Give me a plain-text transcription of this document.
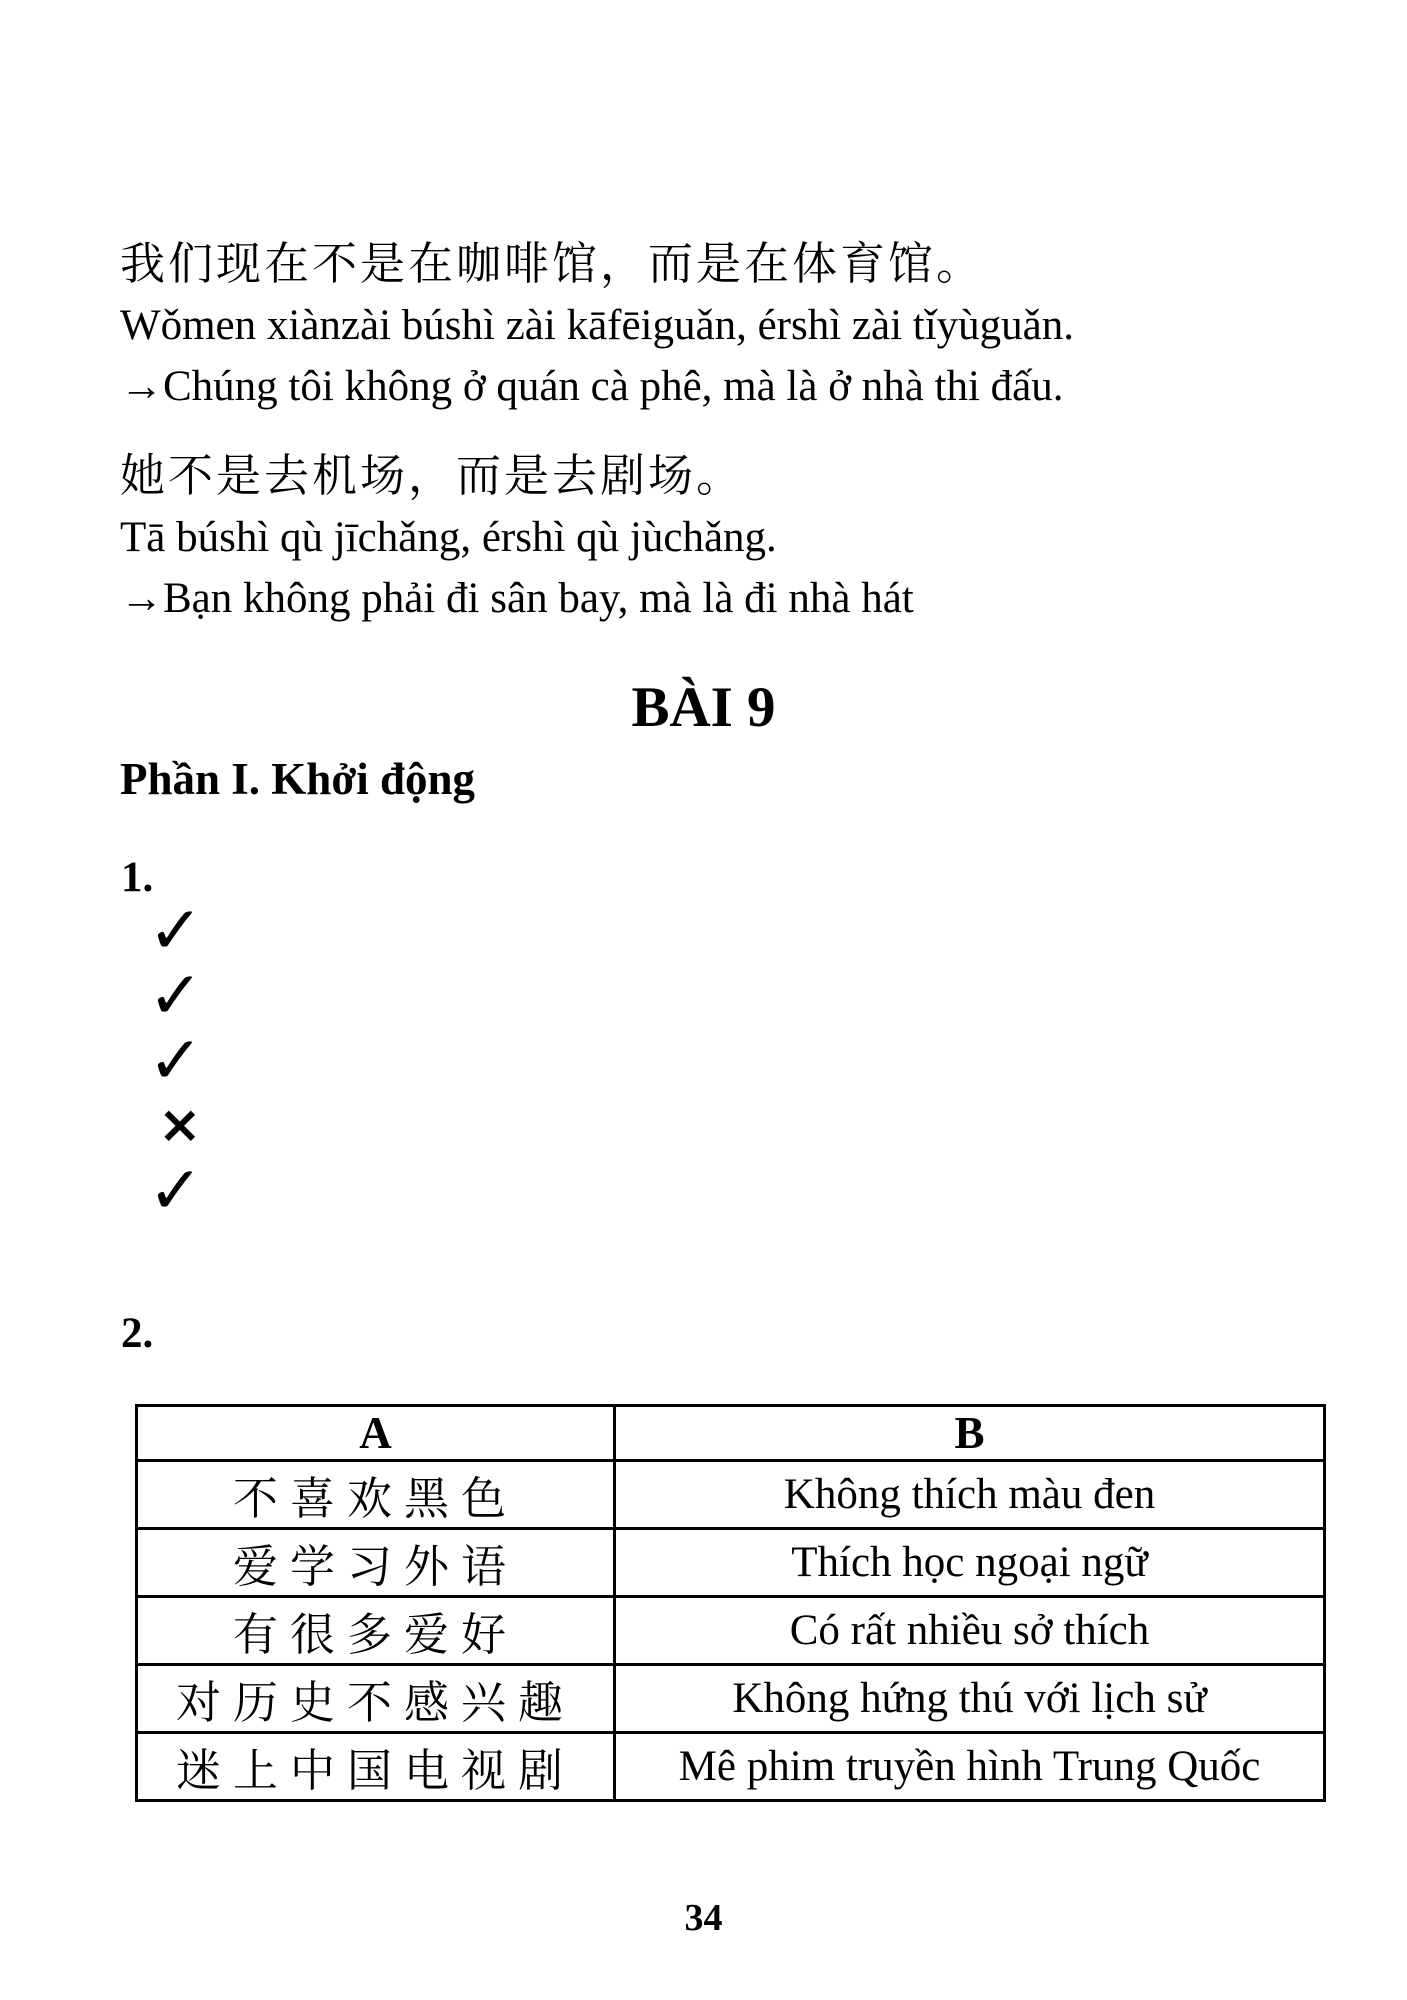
我们现在不是在咖啡馆，而是在体育馆。
Wǒmen xiànzài búshì zài kāfēiguǎn, érshì zài tǐyùguǎn.
→Chúng tôi không ở quán cà phê, mà là ở nhà thi đấu.
她不是去机场，而是去剧场。
Tā búshì qù jīchǎng, érshì qù jùchǎng.
→Bạn không phải đi sân bay, mà là đi nhà hát
BÀI 9
Phần I. Khởi động
1.
✓
✓
✓
×
✓
2.
A	B
不喜欢黑色	Không thích màu đen
爱学习外语	Thích học ngoại ngữ
有很多爱好	Có rất nhiều sở thích
对历史不感兴趣	Không hứng thú với lịch sử
迷上中国电视剧	Mê phim truyền hình Trung Quốc
34
